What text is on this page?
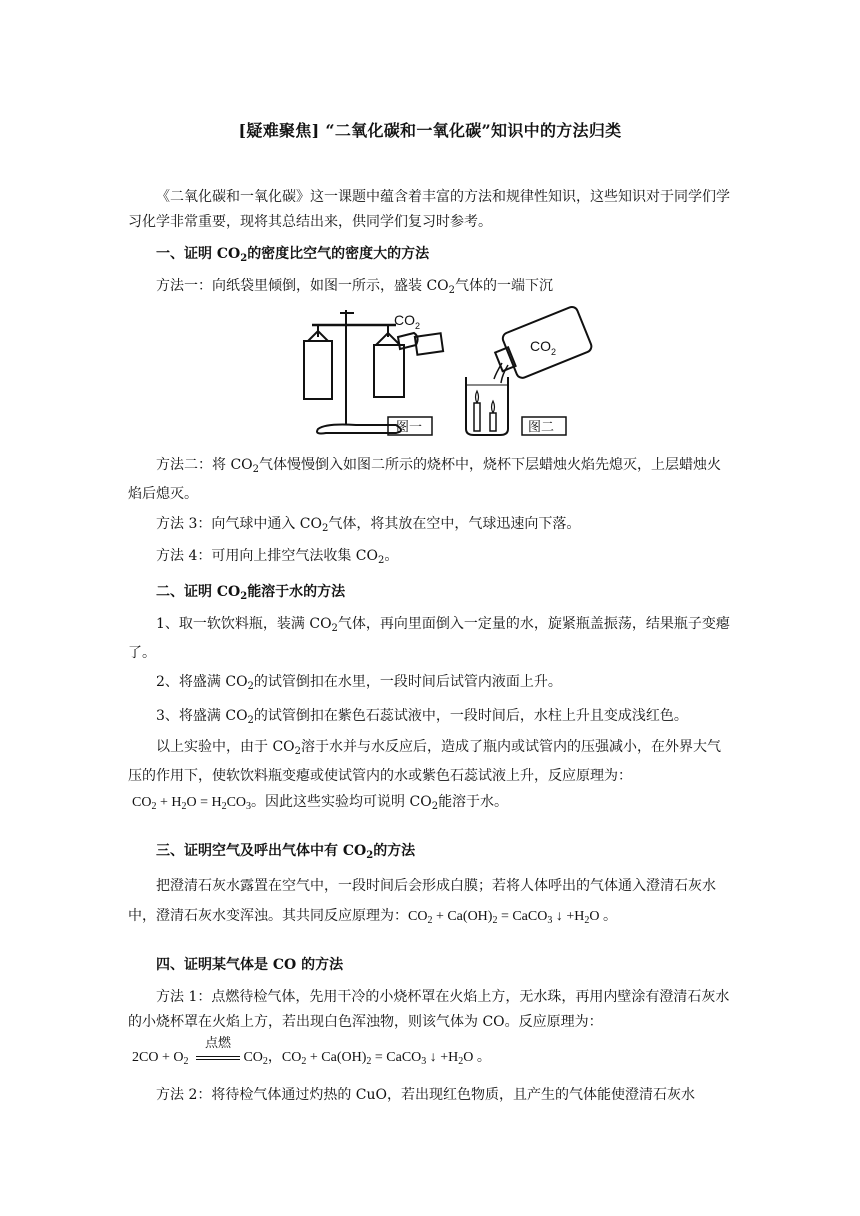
[疑难聚焦] “二氧化碳和一氧化碳”知识中的方法归类

《二氧化碳和一氧化碳》这一课题中蕴含着丰富的方法和规律性知识，这些知识对于同学们学习化学非常重要，现将其总结出来，供同学们复习时参考。

一、证明 $CO_2$的密度比空气的密度大的方法

方法一：向纸袋里倾倒，如图一所示，盛装 $CO_2$气体的一端下沉

$CO_2$
$CO_2$
图一	图二

方法二：将 $CO_2$气体慢慢倒入如图二所示的烧杯中，烧杯下层蜡烛火焰先熄灭，上层蜡烛火焰后熄灭。

方法 3：向气球中通入 $CO_2$气体，将其放在空中，气球迅速向下落。

方法 4：可用向上排空气法收集 $CO_2$。

二、证明 $CO_2$能溶于水的方法

1、取一软饮料瓶，装满 $CO_2$气体，再向里面倒入一定量的水，旋紧瓶盖振荡，结果瓶子变瘪了。

2、将盛满 $CO_2$的试管倒扣在水里，一段时间后试管内液面上升。

3、将盛满 $CO_2$的试管倒扣在紫色石蕊试液中，一段时间后，水柱上升且变成浅红色。

以上实验中，由于 $CO_2$溶于水并与水反应后，造成了瓶内或试管内的压强减小，在外界大气压的作用下，使软饮料瓶变瘪或使试管内的水或紫色石蕊试液上升，反应原理为：

$CO_2 + H_2O = H_2CO_3$。因此这些实验均可说明 $CO_2$能溶于水。

三、证明空气及呼出气体中有 $CO_2$的方法

把澄清石灰水露置在空气中，一段时间后会形成白膜；若将人体呼出的气体通入澄清石灰水中，澄清石灰水变浑浊。其共同反应原理为：$CO_2 + Ca(OH)_2$ = CaCO$_3$ ↓ $+H_2O$ 。

四、证明某气体是 CO 的方法

方法 1：点燃待检气体，先用干冷的小烧杯罩在火焰上方，无水珠，再用内壁涂有澄清石灰水的小烧杯罩在火焰上方，若出现白色浑浊物，则该气体为 CO。反应原理为：

$2CO + O_2$
点燃
$CO_2$，$CO_2 + Ca(OH)_2$ = CaCO$_3$ ↓ $+H_2O$ 。

方法 2：将待检气体通过灼热的 CuO，若出现红色物质，且产生的气体能使澄清石灰水
